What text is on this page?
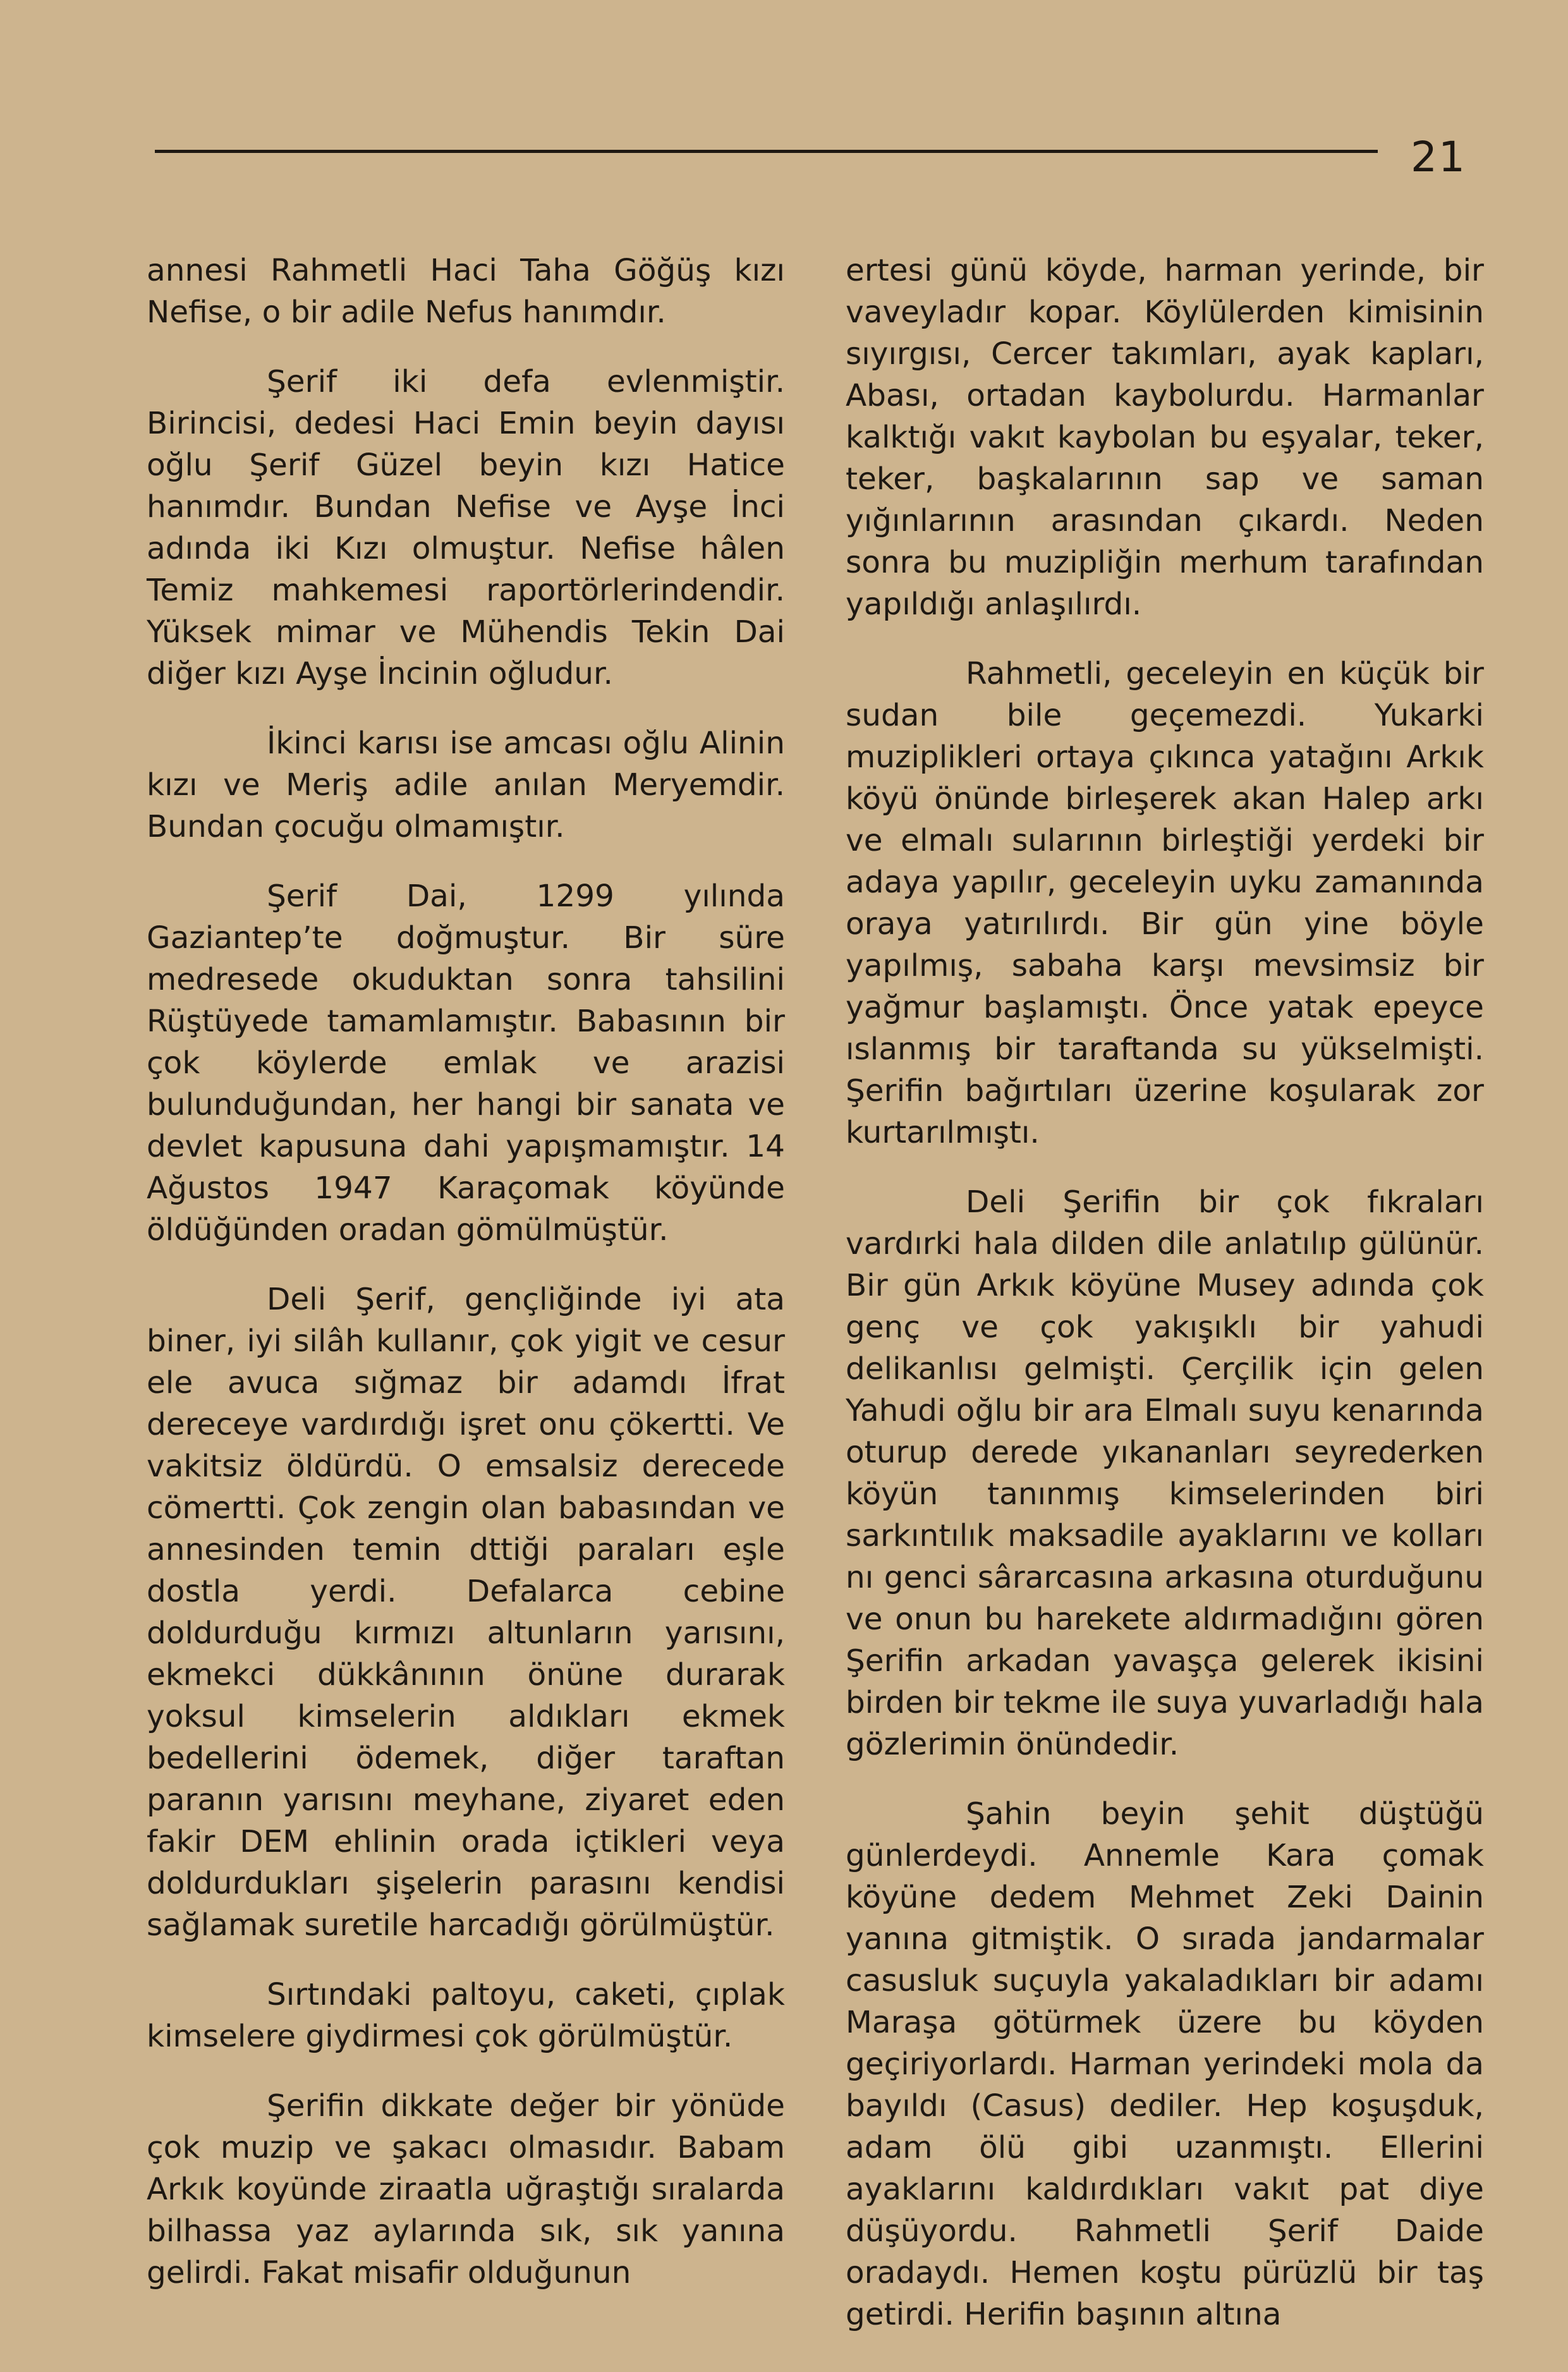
21

annesi Rahmetli Haci Taha Göğüş kızı Nefise, o bir adile Nefus hanımdır.

Şerif iki defa evlenmiştir. Birincisi, dedesi Haci Emin beyin dayısı oğlu Şerif Güzel beyin kızı Hatice hanımdır. Bundan Nefise ve Ayşe İnci adında iki Kızı olmuştur. Nefise hâlen Temiz mahkemesi raportörlerindendir. Yüksek mimar ve Mühendis Tekin Dai diğer kızı Ayşe İncinin oğludur.

İkinci karısı ise amcası oğlu Alinin kızı ve Meriş adile anılan Meryemdir. Bundan çocuğu olmamıştır.

Şerif Dai, 1299 yılında Gaziantep’te doğmuştur. Bir süre medresede okuduktan sonra tahsilini Rüştüyede tamamlamıştır. Babasının bir çok köylerde emlak ve arazisi bulunduğundan, her hangi bir sanata ve devlet kapusuna dahi yapışmamıştır. 14 Ağustos 1947 Karaçomak köyünde öldüğünden oradan gömülmüştür.

Deli Şerif, gençliğinde iyi ata biner, iyi silâh kullanır, çok yigit ve cesur ele avuca sığmaz bir adamdı İfrat dereceye vardırdığı işret onu çökertti. Ve vakitsiz öldürdü. O emsalsiz derecede cömertti. Çok zengin olan babasından ve annesinden temin dttiği paraları eşle dostla yerdi. Defalarca cebine doldurduğu kırmızı altunların yarısını, ekmekci dükkânının önüne durarak yoksul kimselerin aldıkları ekmek bedellerini ödemek, diğer taraftan paranın yarısını meyhane, ziyaret eden fakir DEM ehlinin orada içtikleri veya doldurdukları şişelerin parasını kendisi sağlamak suretile harcadığı görülmüştür.

Sırtındaki paltoyu, caketi, çıplak kimselere giydirmesi çok görülmüştür.

Şerifin dikkate değer bir yönüde çok muzip ve şakacı olmasıdır. Babam Arkık koyünde ziraatla uğraştığı sıralarda bilhassa yaz aylarında sık, sık yanına gelirdi. Fakat misafir olduğunun

ertesi günü köyde, harman yerinde, bir vaveyladır kopar. Köylülerden kimisinin sıyırgısı, Cercer takımları, ayak kapları, Abası, ortadan kaybolurdu. Harmanlar kalktığı vakıt kaybolan bu eşyalar, teker, teker, başkalarının sap ve saman yığınlarının arasından çıkardı. Neden sonra bu muzipliğin merhum tarafından yapıldığı anlaşılırdı.

Rahmetli, geceleyin en küçük bir sudan bile geçemezdi. Yukarki muziplikleri ortaya çıkınca yatağını Arkık köyü önünde birleşerek akan Halep arkı ve elmalı sularının birleştiği yerdeki bir adaya yapılır, geceleyin uyku zamanında oraya yatırılırdı. Bir gün yine böyle yapılmış, sabaha karşı mevsimsiz bir yağmur başlamıştı. Önce yatak epeyce ıslanmış bir taraftanda su yükselmişti. Şerifin bağırtıları üzerine koşularak zor kurtarılmıştı.

Deli Şerifin bir çok fıkraları vardırki hala dilden dile anlatılıp gülünür. Bir gün Arkık köyüne Musey adında çok genç ve çok yakışıklı bir yahudi delikanlısı gelmişti. Çerçilik için gelen Yahudi oğlu bir ara Elmalı suyu kenarında oturup derede yıkananları seyrederken köyün tanınmış kimselerinden biri sarkıntılık maksadile ayaklarını ve kolları nı genci sârarcasına arkasına oturduğunu ve onun bu harekete aldırmadığını gören Şerifin arkadan yavaşça gelerek ikisini birden bir tekme ile suya yuvarladığı hala gözlerimin önündedir.

Şahin beyin şehit düştüğü günlerdeydi. Annemle Kara çomak köyüne dedem Mehmet Zeki Dainin yanına gitmiştik. O sırada jandarmalar casusluk suçuyla yakaladıkları bir adamı Maraşa götürmek üzere bu köyden geçiriyorlardı. Harman yerindeki mola da bayıldı (Casus) dediler. Hep koşuşduk, adam ölü gibi uzanmıştı. Ellerini ayaklarını kaldırdıkları vakıt pat diye düşüyordu. Rahmetli Şerif Daide oradaydı. Hemen koştu pürüzlü bir taş getirdi. Herifin başının altına
